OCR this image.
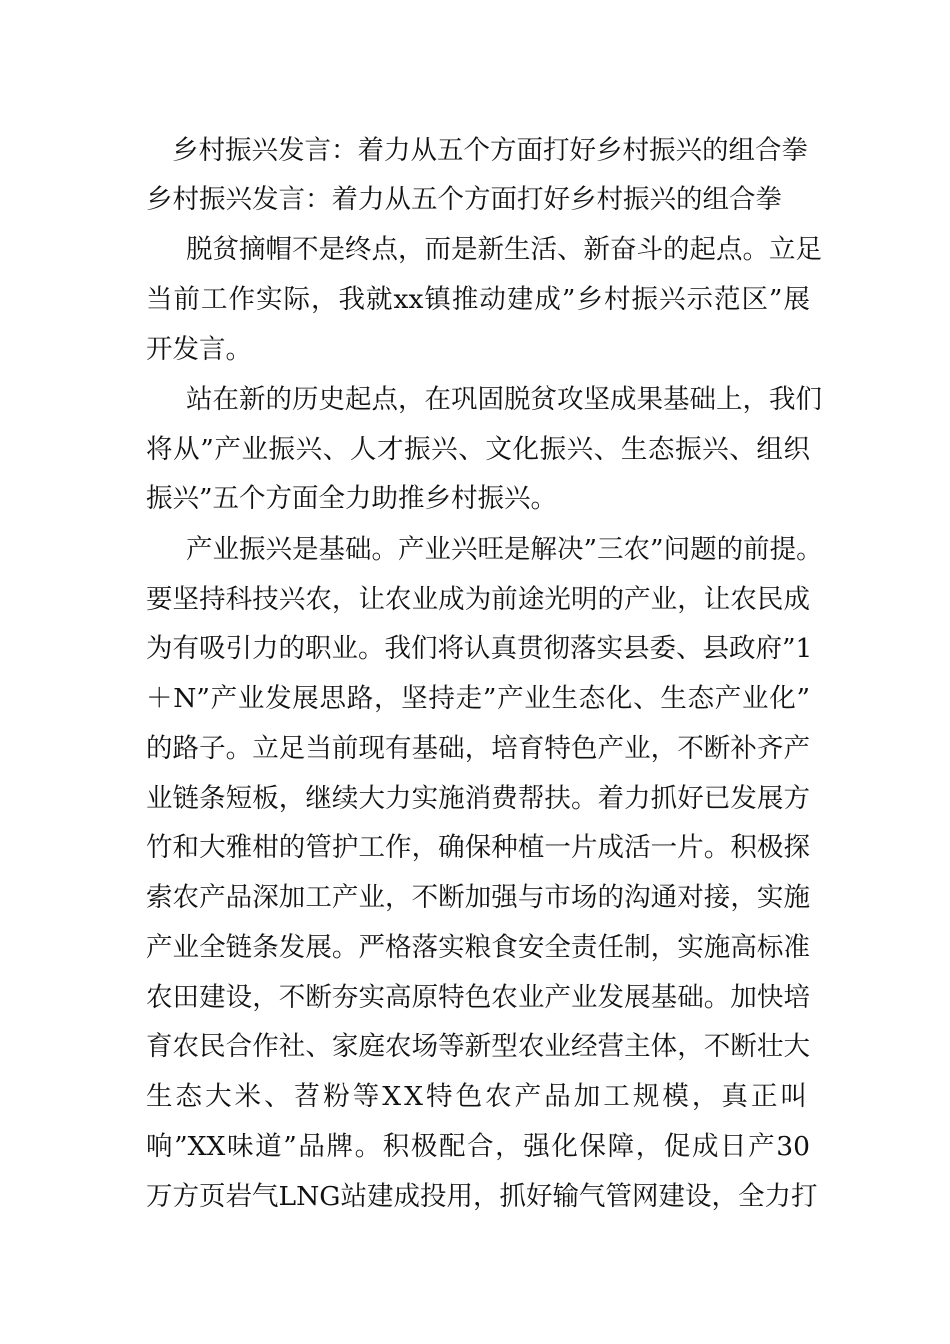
乡村振兴发言：着力从五个方面打好乡村振兴的组合拳
乡村振兴发言：着力从五个方面打好乡村振兴的组合拳
脱贫摘帽不是终点，而是新生活、新奋斗的起点。立足
当前工作实际，我就xx镇推动建成”乡村振兴示范区”展
开发言。
站在新的历史起点，在巩固脱贫攻坚成果基础上，我们
将从”产业振兴、人才振兴、文化振兴、生态振兴、组织
振兴”五个方面全力助推乡村振兴。
产业振兴是基础。产业兴旺是解决”三农”问题的前提。
要坚持科技兴农，让农业成为前途光明的产业，让农民成
为有吸引力的职业。我们将认真贯彻落实县委、县政府”1
＋N”产业发展思路，坚持走”产业生态化、生态产业化”
的路子。立足当前现有基础，培育特色产业，不断补齐产
业链条短板，继续大力实施消费帮扶。着力抓好已发展方
竹和大雅柑的管护工作，确保种植一片成活一片。积极探
索农产品深加工产业，不断加强与市场的沟通对接，实施
产业全链条发展。严格落实粮食安全责任制，实施高标准
农田建设，不断夯实高原特色农业产业发展基础。加快培
育农民合作社、家庭农场等新型农业经营主体，不断壮大
生态大米、苕粉等XX特色农产品加工规模，真正叫
响”XX味道”品牌。积极配合，强化保障，促成日产30
万方页岩气LNG站建成投用，抓好输气管网建设，全力打
